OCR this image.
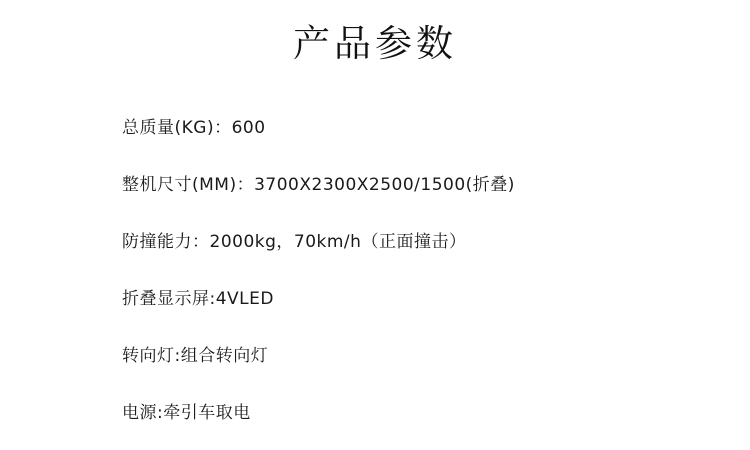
产品参数
总质量(KG)：600
整机尺寸(MM)：3700X2300X2500/1500(折叠)
防撞能力：2000kg，70km/h（正面撞击）
折叠显示屏:4VLED
转向灯:组合转向灯
电源:牵引车取电
